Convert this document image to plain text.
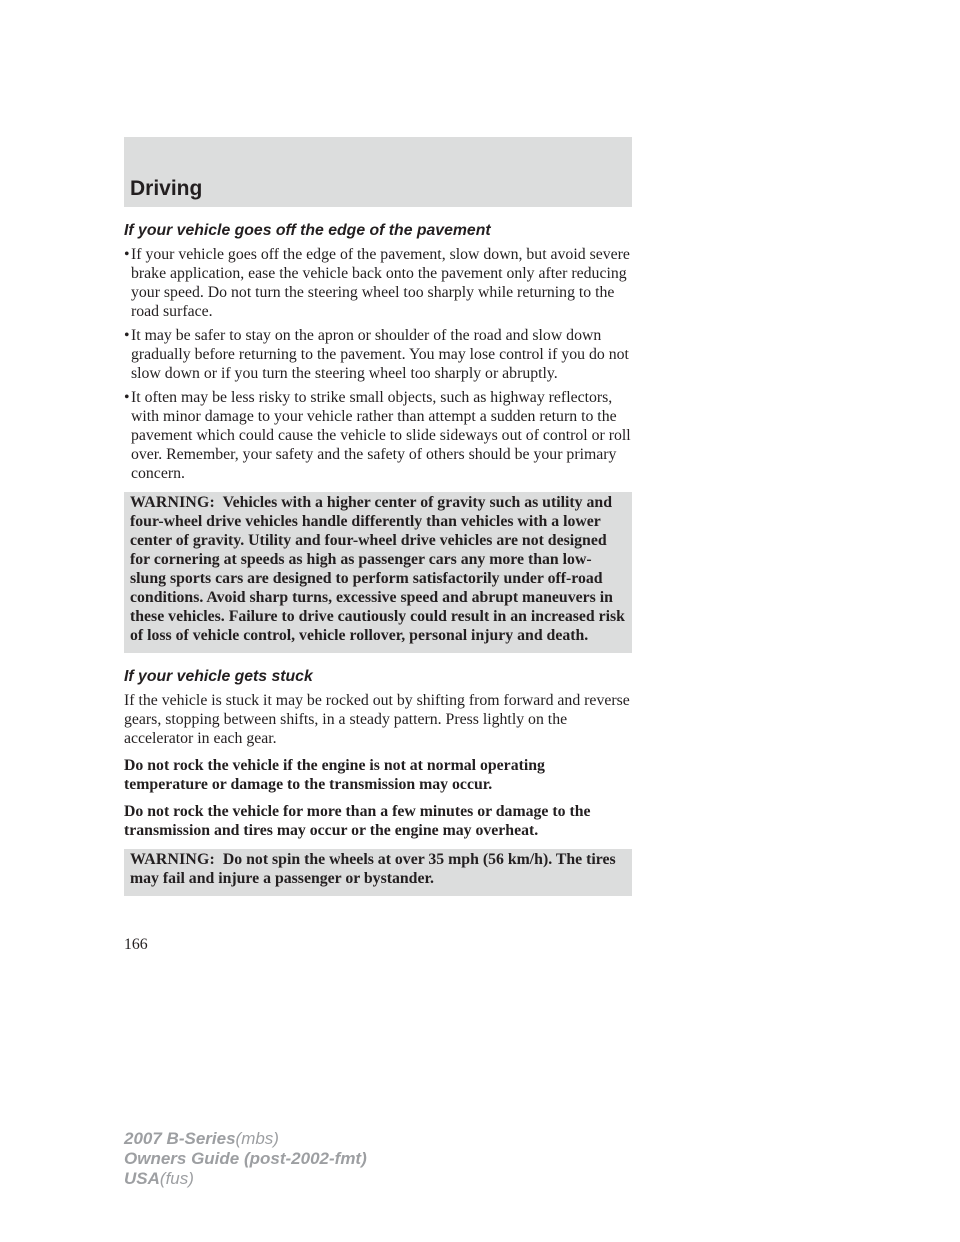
Driving
If your vehicle goes off the edge of the pavement
• If your vehicle goes off the edge of the pavement, slow down, but avoid severe brake application, ease the vehicle back onto the pavement only after reducing your speed. Do not turn the steering wheel too sharply while returning to the road surface.
• It may be safer to stay on the apron or shoulder of the road and slow down gradually before returning to the pavement. You may lose control if you do not slow down or if you turn the steering wheel too sharply or abruptly.
• It often may be less risky to strike small objects, such as highway reflectors, with minor damage to your vehicle rather than attempt a sudden return to the pavement which could cause the vehicle to slide sideways out of control or roll over. Remember, your safety and the safety of others should be your primary concern.
WARNING: Vehicles with a higher center of gravity such as utility and four-wheel drive vehicles handle differently than vehicles with a lower center of gravity. Utility and four-wheel drive vehicles are not designed for cornering at speeds as high as passenger cars any more than low-slung sports cars are designed to perform satisfactorily under off-road conditions. Avoid sharp turns, excessive speed and abrupt maneuvers in these vehicles. Failure to drive cautiously could result in an increased risk of loss of vehicle control, vehicle rollover, personal injury and death.
If your vehicle gets stuck

If the vehicle is stuck it may be rocked out by shifting from forward and reverse gears, stopping between shifts, in a steady pattern. Press lightly on the accelerator in each gear.

Do not rock the vehicle if the engine is not at normal operating temperature or damage to the transmission may occur.

Do not rock the vehicle for more than a few minutes or damage to the transmission and tires may occur or the engine may overheat.

WARNING: Do not spin the wheels at over 35 mph (56 km/h). The tires may fail and injure a passenger or bystander.
166
2007 B-Series(mbs)
Owners Guide (post-2002-fmt)
USA(fus)
